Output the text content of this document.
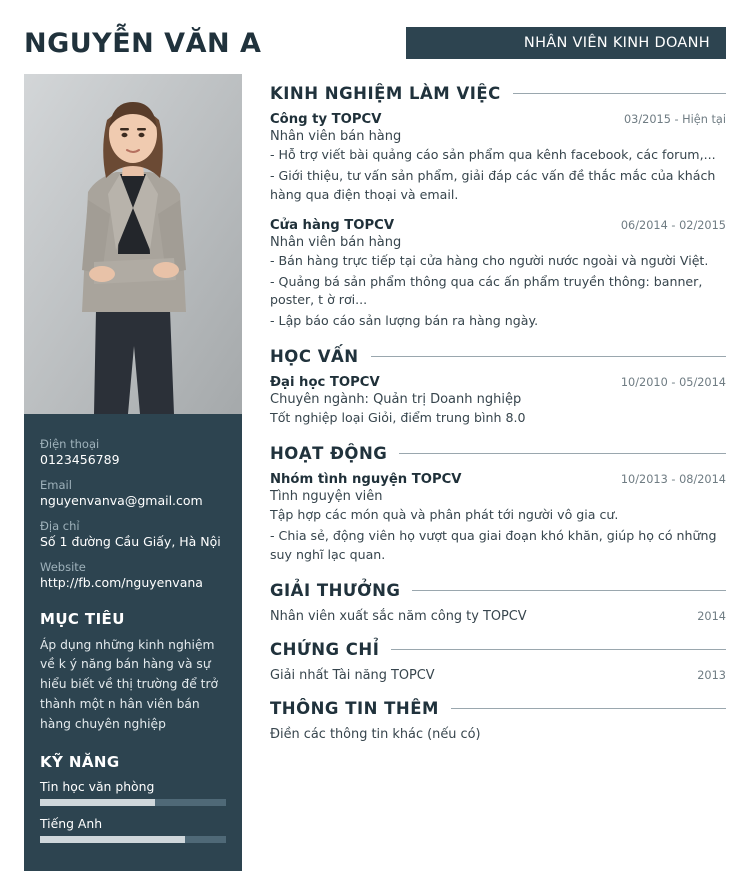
NGUYỄN VĂN A	NHÂN VIÊN KINH DOANH
Điện thoại
0123456789
Email
nguyenvanva@gmail.com
Địa chỉ
Số 1 đường Cầu Giấy, Hà Nội
Website
http://fb.com/nguyenvana
MỤC TIÊU
Áp dụng những kinh nghiệm về k ý năng bán hàng và sự hiểu biết về thị trường để trở thành một n hân viên bán hàng chuyên nghiệp
KỸ NĂNG
Tin học văn phòng
Tiếng Anh
KINH NGHIỆM LÀM VIỆC
Công ty TOPCV	03/2015 - Hiện tại
Nhân viên bán hàng
- Hỗ trợ viết bài quảng cáo sản phẩm qua kênh facebook, các forum,...
- Giới thiệu, tư vấn sản phẩm, giải đáp các vấn đề thắc mắc của khách hàng qua điện thoại và email.
Cửa hàng TOPCV	06/2014 - 02/2015
Nhân viên bán hàng
- Bán hàng trực tiếp tại cửa hàng cho người nước ngoài và người Việt.
- Quảng bá sản phẩm thông qua các ấn phẩm truyền thông: banner, poster, t ờ rơi...
- Lập báo cáo sản lượng bán ra hàng ngày.
HỌC VẤN
Đại học TOPCV	10/2010 - 05/2014
Chuyên ngành: Quản trị Doanh nghiệp
Tốt nghiệp loại Giỏi, điểm trung bình 8.0
HOẠT ĐỘNG
Nhóm tình nguyện TOPCV	10/2013 - 08/2014
Tình nguyện viên
Tập hợp các món quà và phân phát tới người vô gia cư.
- Chia sẻ, động viên họ vượt qua giai đoạn khó khăn, giúp họ có những suy nghĩ lạc quan.
GIẢI THƯỞNG
Nhân viên xuất sắc năm công ty TOPCV	2014
CHỨNG CHỈ
Giải nhất Tài năng TOPCV	2013
THÔNG TIN THÊM
Điền các thông tin khác (nếu có)
